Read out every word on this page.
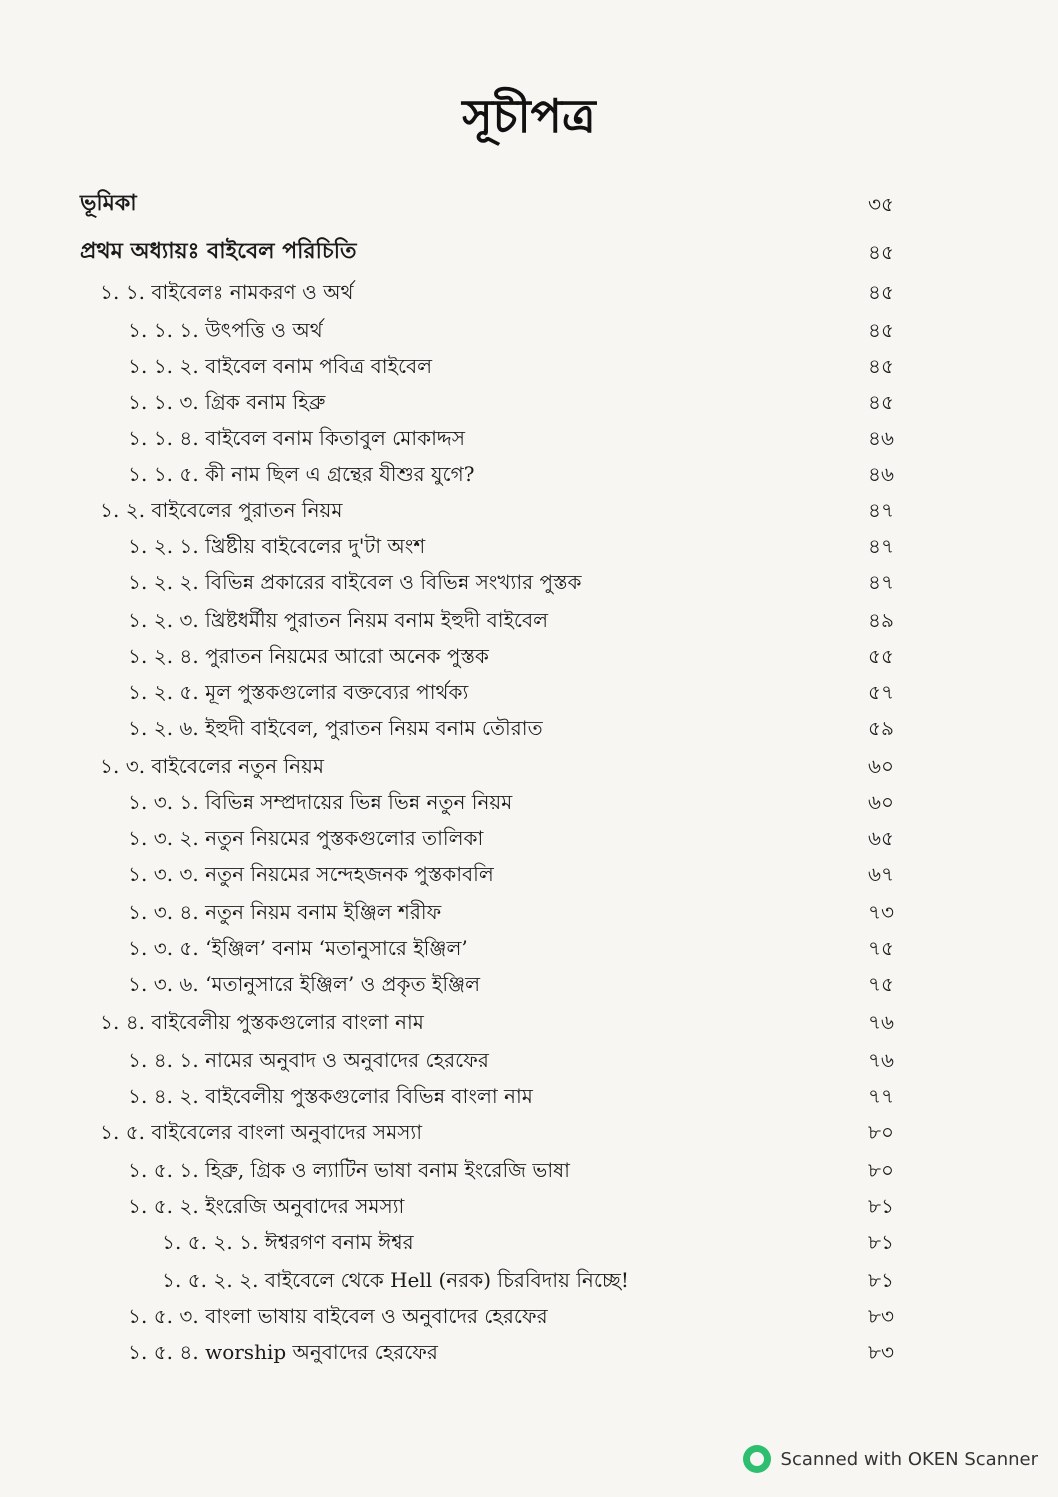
সূচীপত্র
ভূমিকা	৩৫
প্রথম অধ্যায়ঃ বাইবেল পরিচিতি	৪৫
১. ১. বাইবেলঃ নামকরণ ও অর্থ	৪৫
১. ১. ১. উৎপত্তি ও অর্থ	৪৫
১. ১. ২. বাইবেল বনাম পবিত্র বাইবেল	৪৫
১. ১. ৩. গ্রিক বনাম হিব্রু	৪৫
১. ১. ৪. বাইবেল বনাম কিতাবুল মোকাদ্দস	৪৬
১. ১. ৫. কী নাম ছিল এ গ্রন্থের যীশুর যুগে?	৪৬
১. ২. বাইবেলের পুরাতন নিয়ম	৪৭
১. ২. ১. খ্রিষ্টীয় বাইবেলের দু'টা অংশ	৪৭
১. ২. ২. বিভিন্ন প্রকারের বাইবেল ও বিভিন্ন সংখ্যার পুস্তক	৪৭
১. ২. ৩. খ্রিষ্টধর্মীয় পুরাতন নিয়ম বনাম ইহুদী বাইবেল	৪৯
১. ২. ৪. পুরাতন নিয়মের আরো অনেক পুস্তক	৫৫
১. ২. ৫. মূল পুস্তকগুলোর বক্তব্যের পার্থক্য	৫৭
১. ২. ৬. ইহুদী বাইবেল, পুরাতন নিয়ম বনাম তৌরাত	৫৯
১. ৩. বাইবেলের নতুন নিয়ম	৬০
১. ৩. ১. বিভিন্ন সম্প্রদায়ের ভিন্ন ভিন্ন নতুন নিয়ম	৬০
১. ৩. ২. নতুন নিয়মের পুস্তকগুলোর তালিকা	৬৫
১. ৩. ৩. নতুন নিয়মের সন্দেহজনক পুস্তকাবলি	৬৭
১. ৩. ৪. নতুন নিয়ম বনাম ইঞ্জিল শরীফ	৭৩
১. ৩. ৫. ‘ইঞ্জিল’ বনাম ‘মতানুসারে ইঞ্জিল’	৭৫
১. ৩. ৬. ‘মতানুসারে ইঞ্জিল’ ও প্রকৃত ইঞ্জিল	৭৫
১. ৪. বাইবেলীয় পুস্তকগুলোর বাংলা নাম	৭৬
১. ৪. ১. নামের অনুবাদ ও অনুবাদের হেরফের	৭৬
১. ৪. ২. বাইবেলীয় পুস্তকগুলোর বিভিন্ন বাংলা নাম	৭৭
১. ৫. বাইবেলের বাংলা অনুবাদের সমস্যা	৮০
১. ৫. ১. হিব্রু, গ্রিক ও ল্যাটিন ভাষা বনাম ইংরেজি ভাষা	৮০
১. ৫. ২. ইংরেজি অনুবাদের সমস্যা	৮১
১. ৫. ২. ১. ঈশ্বরগণ বনাম ঈশ্বর	৮১
১. ৫. ২. ২. বাইবেলে থেকে Hell (নরক) চিরবিদায় নিচ্ছে!	৮১
১. ৫. ৩. বাংলা ভাষায় বাইবেল ও অনুবাদের হেরফের	৮৩
১. ৫. ৪. worship অনুবাদের হেরফের	৮৩
Scanned with OKEN Scanner
